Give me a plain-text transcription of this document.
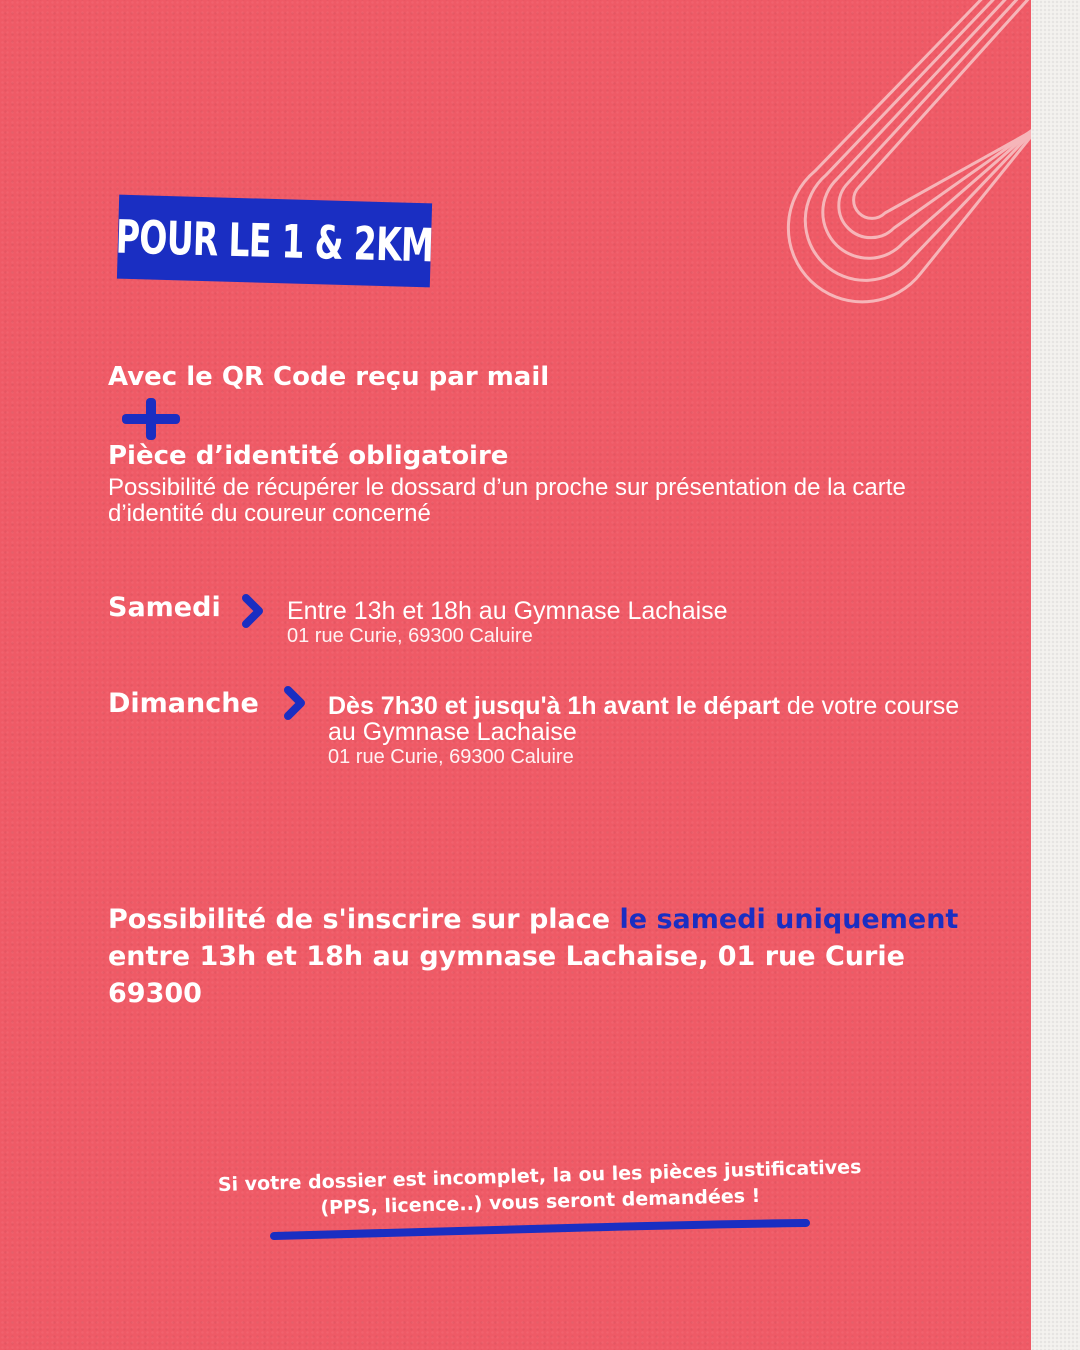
POUR LE 1 & 2KM
Avec le QR Code reçu par mail
Pièce d’identité obligatoire
Possibilité de récupérer le dossard d’un proche sur présentation de la carte d’identité du coureur concerné
Samedi	Entre 13h et 18h au Gymnase Lachaise
01 rue Curie, 69300 Caluire
Dimanche	Dès 7h30 et jusqu'à 1h avant le départ de votre course au Gymnase Lachaise
01 rue Curie, 69300 Caluire
Possibilité de s'inscrire sur place le samedi uniquement entre 13h et 18h au gymnase Lachaise, 01 rue Curie 69300
Si votre dossier est incomplet, la ou les pièces justificatives (PPS, licence..) vous seront demandées !
